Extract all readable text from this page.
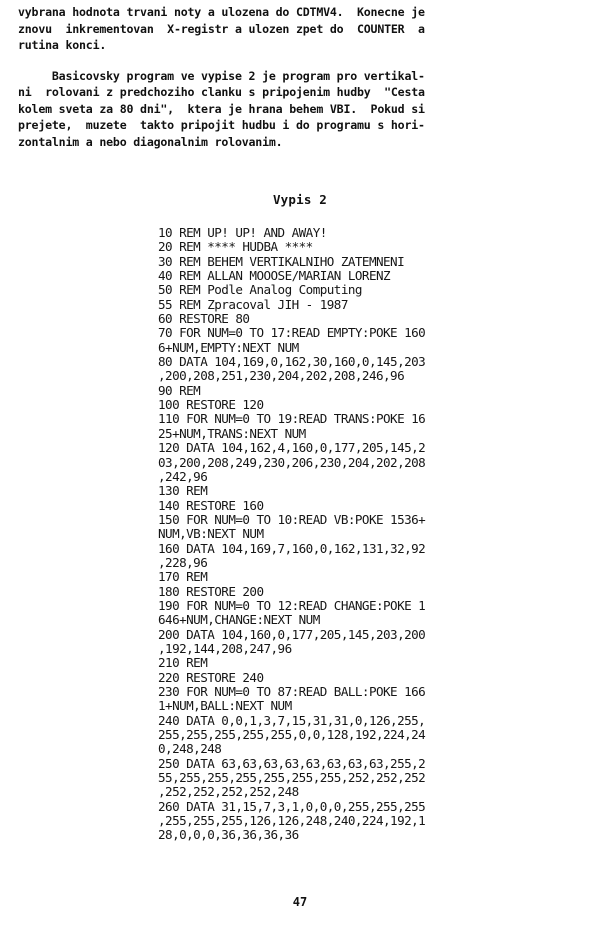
vybrana hodnota trvani noty a ulozena do CDTMV4.  Konecne je
znovu  inkrementovan  X-registr a ulozen zpet do  COUNTER  a
rutina konci.
Basicovsky program ve vypise 2 je program pro vertikal-
ni  rolovani z predchoziho clanku s pripojenim hudby  "Cesta
kolem sveta za 80 dni",  ktera je hrana behem VBI.  Pokud si
prejete,  muzete  takto pripojit hudbu i do programu s hori-
zontalnim a nebo diagonalnim rolovanim.
Vypis 2
10 REM UP! UP! AND AWAY!
20 REM **** HUDBA ****
30 REM BEHEM VERTIKALNIHO ZATEMNENI
40 REM ALLAN MOOOSE/MARIAN LORENZ
50 REM Podle Analog Computing
55 REM Zpracoval JIH - 1987
60 RESTORE 80
70 FOR NUM=0 TO 17:READ EMPTY:POKE 160
6+NUM,EMPTY:NEXT NUM
80 DATA 104,169,0,162,30,160,0,145,203
,200,208,251,230,204,202,208,246,96
90 REM
100 RESTORE 120
110 FOR NUM=0 TO 19:READ TRANS:POKE 16
25+NUM,TRANS:NEXT NUM
120 DATA 104,162,4,160,0,177,205,145,2
03,200,208,249,230,206,230,204,202,208
,242,96
130 REM
140 RESTORE 160
150 FOR NUM=0 TO 10:READ VB:POKE 1536+
NUM,VB:NEXT NUM
160 DATA 104,169,7,160,0,162,131,32,92
,228,96
170 REM
180 RESTORE 200
190 FOR NUM=0 TO 12:READ CHANGE:POKE 1
646+NUM,CHANGE:NEXT NUM
200 DATA 104,160,0,177,205,145,203,200
,192,144,208,247,96
210 REM
220 RESTORE 240
230 FOR NUM=0 TO 87:READ BALL:POKE 166
1+NUM,BALL:NEXT NUM
240 DATA 0,0,1,3,7,15,31,31,0,126,255,
255,255,255,255,255,0,0,128,192,224,24
0,248,248
250 DATA 63,63,63,63,63,63,63,63,255,2
55,255,255,255,255,255,255,252,252,252
,252,252,252,252,248
260 DATA 31,15,7,3,1,0,0,0,255,255,255
,255,255,255,126,126,248,240,224,192,1
28,0,0,0,36,36,36,36
47
